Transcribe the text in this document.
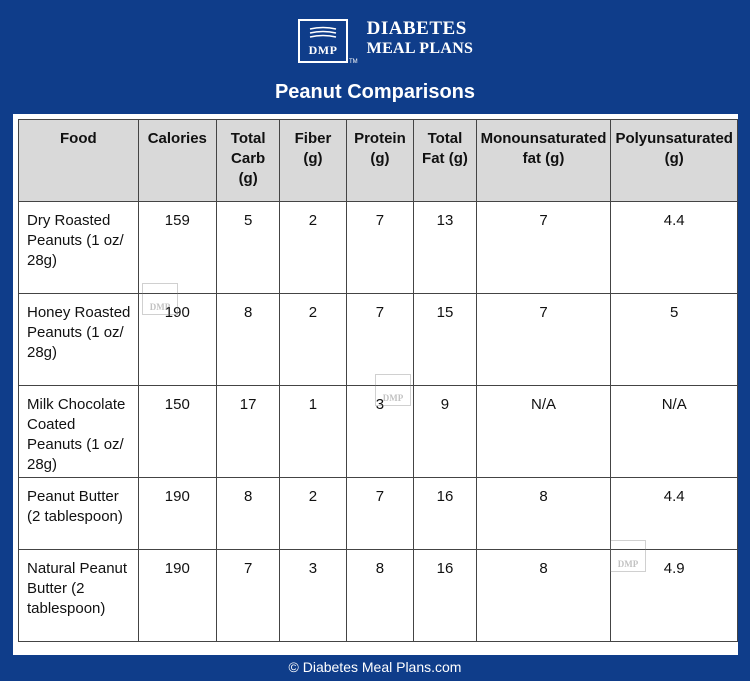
DMP
TM
DIABETES
MEAL PLANS
Peanut Comparisons
Food	Calories	Total Carb (g)	Fiber (g)	Protein (g)	Total Fat (g)	Monounsaturated fat (g)	Polyunsaturated (g)
Dry Roasted Peanuts (1 oz/ 28g)	159	5	2	7	13	7	4.4
Honey Roasted Peanuts (1 oz/ 28g)	190	8	2	7	15	7	5
Milk Chocolate Coated Peanuts (1 oz/ 28g)	150	17	1	3	9	N/A	N/A
Peanut Butter (2 tablespoon)	190	8	2	7	16	8	4.4
Natural Peanut Butter (2 tablespoon)	190	7	3	8	16	8	4.9
DMP
DMP
DMP
© Diabetes Meal Plans.com
